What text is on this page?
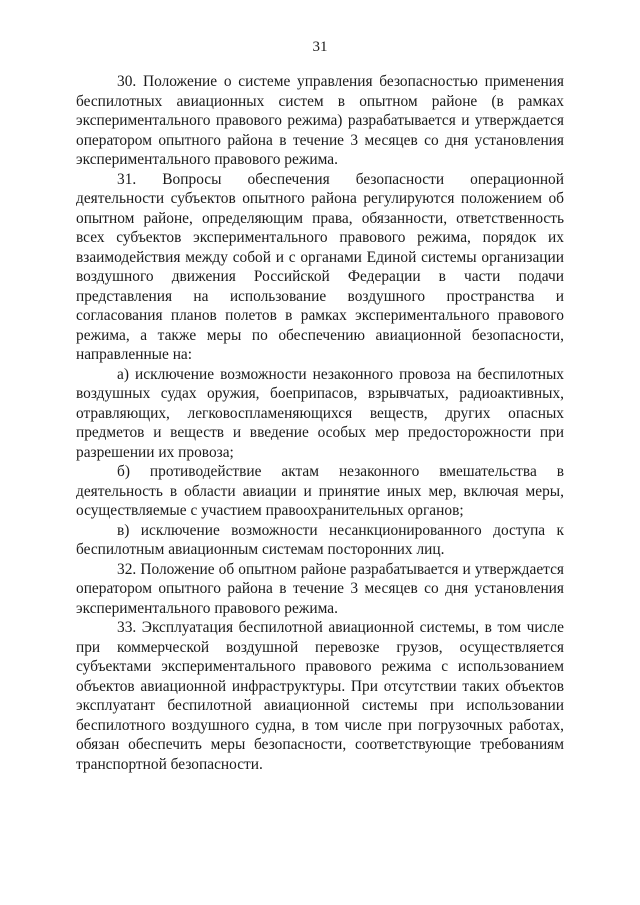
31

30. Положение о системе управления безопасностью применения беспилотных авиационных систем в опытном районе (в рамках экспериментального правового режима) разрабатывается и утверждается оператором опытного района в течение 3 месяцев со дня установления экспериментального правового режима.

31. Вопросы обеспечения безопасности операционной деятельности субъектов опытного района регулируются положением об опытном районе, определяющим права, обязанности, ответственность всех субъектов экспериментального правового режима, порядок их взаимодействия между собой и с органами Единой системы организации воздушного движения Российской Федерации в части подачи представления на использование воздушного пространства и согласования планов полетов в рамках экспериментального правового режима, а также меры по обеспечению авиационной безопасности, направленные на:

а) исключение возможности незаконного провоза на беспилотных воздушных судах оружия, боеприпасов, взрывчатых, радиоактивных, отравляющих, легковоспламеняющихся веществ, других опасных предметов и веществ и введение особых мер предосторожности при разрешении их провоза;

б) противодействие актам незаконного вмешательства в деятельность в области авиации и принятие иных мер, включая меры, осуществляемые с участием правоохранительных органов;

в) исключение возможности несанкционированного доступа к беспилотным авиационным системам посторонних лиц.

32. Положение об опытном районе разрабатывается и утверждается оператором опытного района в течение 3 месяцев со дня установления экспериментального правового режима.

33. Эксплуатация беспилотной авиационной системы, в том числе при коммерческой воздушной перевозке грузов, осуществляется субъектами экспериментального правового режима с использованием объектов авиационной инфраструктуры. При отсутствии таких объектов эксплуатант беспилотной авиационной системы при использовании беспилотного воздушного судна, в том числе при погрузочных работах, обязан обеспечить меры безопасности, соответствующие требованиям транспортной безопасности.
